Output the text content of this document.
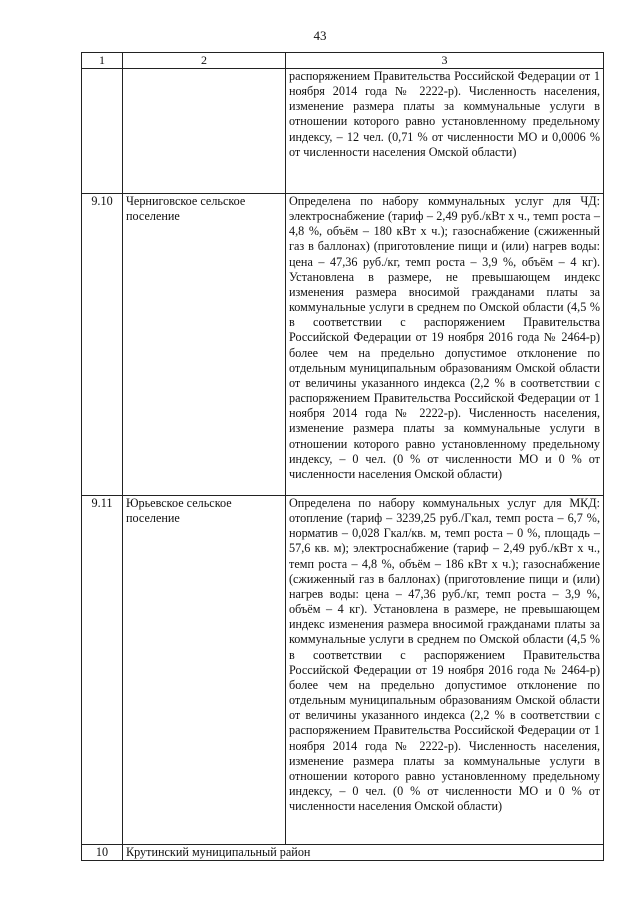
43
1	2	3
		распоряжением Правительства Российской Федерации от 1 ноября 2014 года № 2222-р). Численность населения, изменение размера платы за коммунальные услуги в отношении которого равно установленному предельному индексу, – 12 чел. (0,71 % от численности МО и 0,0006 % от численности населения Омской области)
9.10	Черниговское сельское поселение	Определена по набору коммунальных услуг для ЧД: электроснабжение (тариф – 2,49 руб./кВт х ч., темп роста – 4,8 %, объём – 180 кВт х ч.); газоснабжение (сжиженный газ в баллонах) (приготовление пищи и (или) нагрев воды: цена – 47,36 руб./кг, темп роста – 3,9 %, объём – 4 кг). Установлена в размере, не превышающем индекс изменения размера вносимой гражданами платы за коммунальные услуги в среднем по Омской области (4,5 % в соответствии с распоряжением Правительства Российской Федерации от 19 ноября 2016 года № 2464-р) более чем на предельно допустимое отклонение по отдельным муниципальным образованиям Омской области от величины указанного индекса (2,2 % в соответствии с распоряжением Правительства Российской Федерации от 1 ноября 2014 года № 2222-р). Численность населения, изменение размера платы за коммунальные услуги в отношении которого равно установленному предельному индексу, – 0 чел. (0 % от численности МО и 0 % от численности населения Омской области)
9.11	Юрьевское сельское поселение	Определена по набору коммунальных услуг для МКД: отопление (тариф – 3239,25 руб./Гкал, темп роста – 6,7 %, норматив – 0,028 Гкал/кв. м, темп роста – 0 %, площадь – 57,6 кв. м); электроснабжение (тариф – 2,49 руб./кВт х ч., темп роста – 4,8 %, объём – 186 кВт х ч.); газоснабжение (сжиженный газ в баллонах) (приготовление пищи и (или) нагрев воды: цена – 47,36 руб./кг, темп роста – 3,9 %, объём – 4 кг). Установлена в размере, не превышающем индекс изменения размера вносимой гражданами платы за коммунальные услуги в среднем по Омской области (4,5 % в соответствии с распоряжением Правительства Российской Федерации от 19 ноября 2016 года № 2464-р) более чем на предельно допустимое отклонение по отдельным муниципальным образованиям Омской области от величины указанного индекса (2,2 % в соответствии с распоряжением Правительства Российской Федерации от 1 ноября 2014 года № 2222-р). Численность населения, изменение размера платы за коммунальные услуги в отношении которого равно установленному предельному индексу, – 0 чел. (0 % от численности МО и 0 % от численности населения Омской области)
10	Крутинский муниципальный район	
